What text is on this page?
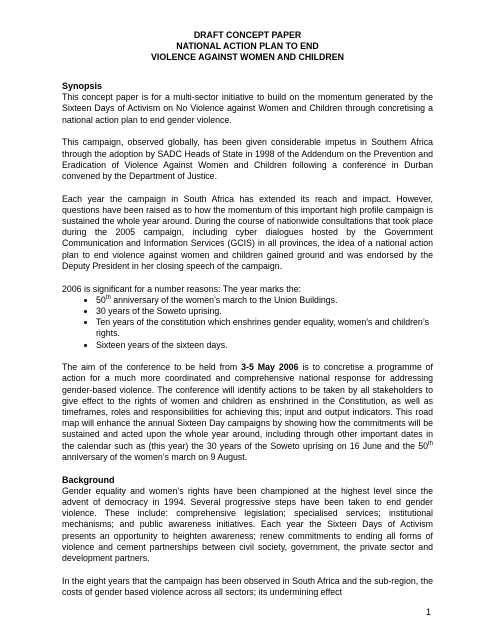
DRAFT CONCEPT PAPER
NATIONAL ACTION PLAN TO END
VIOLENCE AGAINST WOMEN AND CHILDREN
Synopsis

This concept paper is for a multi-sector initiative to build on the momentum generated by the Sixteen Days of Activism on No Violence against Women and Children through concretising a national action plan to end gender violence.

This campaign, observed globally, has been given considerable impetus in Southern Africa through the adoption by SADC Heads of State in 1998 of the Addendum on the Prevention and Eradication of Violence Against Women and Children following a conference in Durban convened by the Department of Justice.

Each year the campaign in South Africa has extended its reach and impact. However, questions have been raised as to how the momentum of this important high profile campaign is sustained the whole year around. During the course of nationwide consultations that took place during the 2005 campaign, including cyber dialogues hosted by the Government Communication and Information Services (GCIS) in all provinces, the idea of a national action plan to end violence against women and children gained ground and was endorsed by the Deputy President in her closing speech of the campaign.

2006 is significant for a number reasons: The year marks the:

• 50th anniversary of the women’s march to the Union Buildings.
• 30 years of the Soweto uprising.
• Ten years of the constitution which enshrines gender equality, women’s and children’s rights.
• Sixteen years of the sixteen days.

The aim of the conference to be held from 3-5 May 2006 is to concretise a programme of action for a much more coordinated and comprehensive national response for addressing gender-based violence. The conference will identify actions to be taken by all stakeholders to give effect to the rights of women and children as enshrined in the Constitution, as well as timeframes, roles and responsibilities for achieving this; input and output indicators. This road map will enhance the annual Sixteen Day campaigns by showing how the commitments will be sustained and acted upon the whole year around, including through other important dates in the calendar such as (this year) the 30 years of the Soweto uprising on 16 June and the 50th anniversary of the women’s march on 9 August.

Background

Gender equality and women’s rights have been championed at the highest level since the advent of democracy in 1994. Several progressive steps have been taken to end gender violence. These include: comprehensive legislation; specialised services; institutional mechanisms; and public awareness initiatives. Each year the Sixteen Days of Activism presents an opportunity to heighten awareness; renew commitments to ending all forms of violence and cement partnerships between civil society, government, the private sector and development partners.

In the eight years that the campaign has been observed in South Africa and the sub-region, the costs of gender based violence across all sectors; its undermining effect

1
